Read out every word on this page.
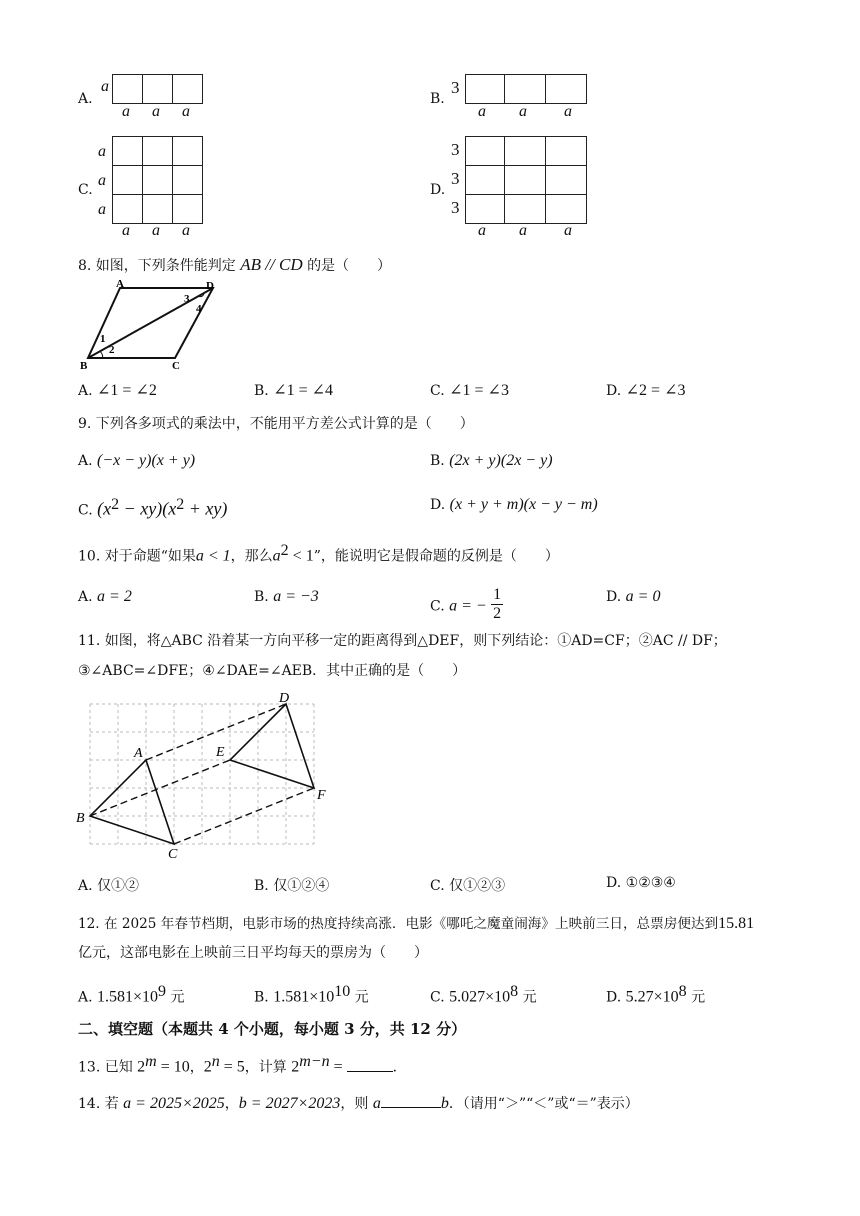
A.
a

a a a
B.
3

a a a
C.
a
a
a

a a a
D.
3
3
3

a a a
8. 如图，下列条件能判定 AB // CD 的是（　　）
A	D
B	C
1
2
3
4
A. ∠1 = ∠2	B. ∠1 = ∠4	C. ∠1 = ∠3	D. ∠2 = ∠3
9. 下列各多项式的乘法中，不能用平方差公式计算的是（　　）
A. (−x − y)(x + y)	B. (2x + y)(2x − y)
C. $(x^2 - xy)(x^2 + xy)$	D. (x + y + m)(x − y − m)
10. 对于命题“如果a < 1，那么$a^2 < 1$”，能说明它是假命题的反例是（　　）
A. a = 2	B. a = −3
C. a = − $\frac{1}{2}$	D. a = 0
11. 如图，将△ABC 沿着某一方向平移一定的距离得到△DEF，则下列结论：①AD=CF；②AC // DF；
③∠ABC=∠DFE；④∠DAE=∠AEB．其中正确的是（　　）
A
B
C
D
E
F
A. 仅①②	B. 仅①②④	C. 仅①②③	D. ①②③④
12. 在 2025 年春节档期，电影市场的热度持续高涨．电影《哪吒之魔童闹海》上映前三日，总票房便达到15.81
亿元，这部电影在上映前三日平均每天的票房为（　　）
A. $1.581\times 10^9$ 元	B. $1.581\times 10^{10}$ 元	C. $5.027\times 10^8$ 元	D. $5.27\times 10^8$ 元
二、填空题（本题共 4 个小题，每小题 3 分，共 12 分）
13. 已知 $2^m = 10$，$2^n = 5$，计算 $2^{m-n}$ =	．
14. 若 a = 2025×2025，b = 2027×2023，则 a	b．（请用“＞”“＜”或“＝”表示）
